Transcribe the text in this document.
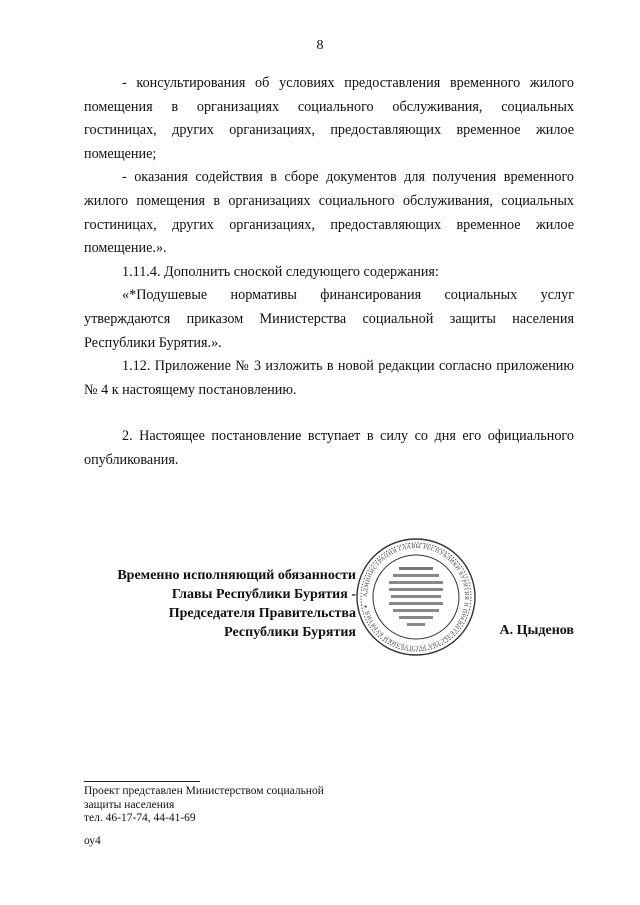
8

- консультирования об условиях предоставления временного жилого помещения в организациях социального обслуживания, социальных гостиницах, других организациях, предоставляющих временное жилое помещение;

- оказания содействия в сборе документов для получения временного жилого помещения в организациях социального обслуживания, социальных гостиницах, других организациях, предоставляющих временное жилое помещение.».

1.11.4. Дополнить сноской следующего содержания:

«*Подушевые нормативы финансирования социальных услуг утверждаются приказом Министерства социальной защиты населения Республики Бурятия.».

1.12. Приложение № 3 изложить в новой редакции согласно приложению № 4 к настоящему постановлению.

2. Настоящее постановление вступает в силу со дня его официального опубликования.

Временно исполняющий обязанности
Главы Республики Бурятия -
Председателя Правительства
Республики Бурятия
АДМИНИСТРАЦИЯ ГЛАВЫ РЕСПУБЛИКИ БУРЯТИЯ И ПРАВИТЕЛЬСТВА РЕСПУБЛИКИ БУРЯТИЯ ✶
А. Цыденов
Проект представлен Министерством социальной
защиты населения
тел. 46-17-74, 44-41-69
оу4
